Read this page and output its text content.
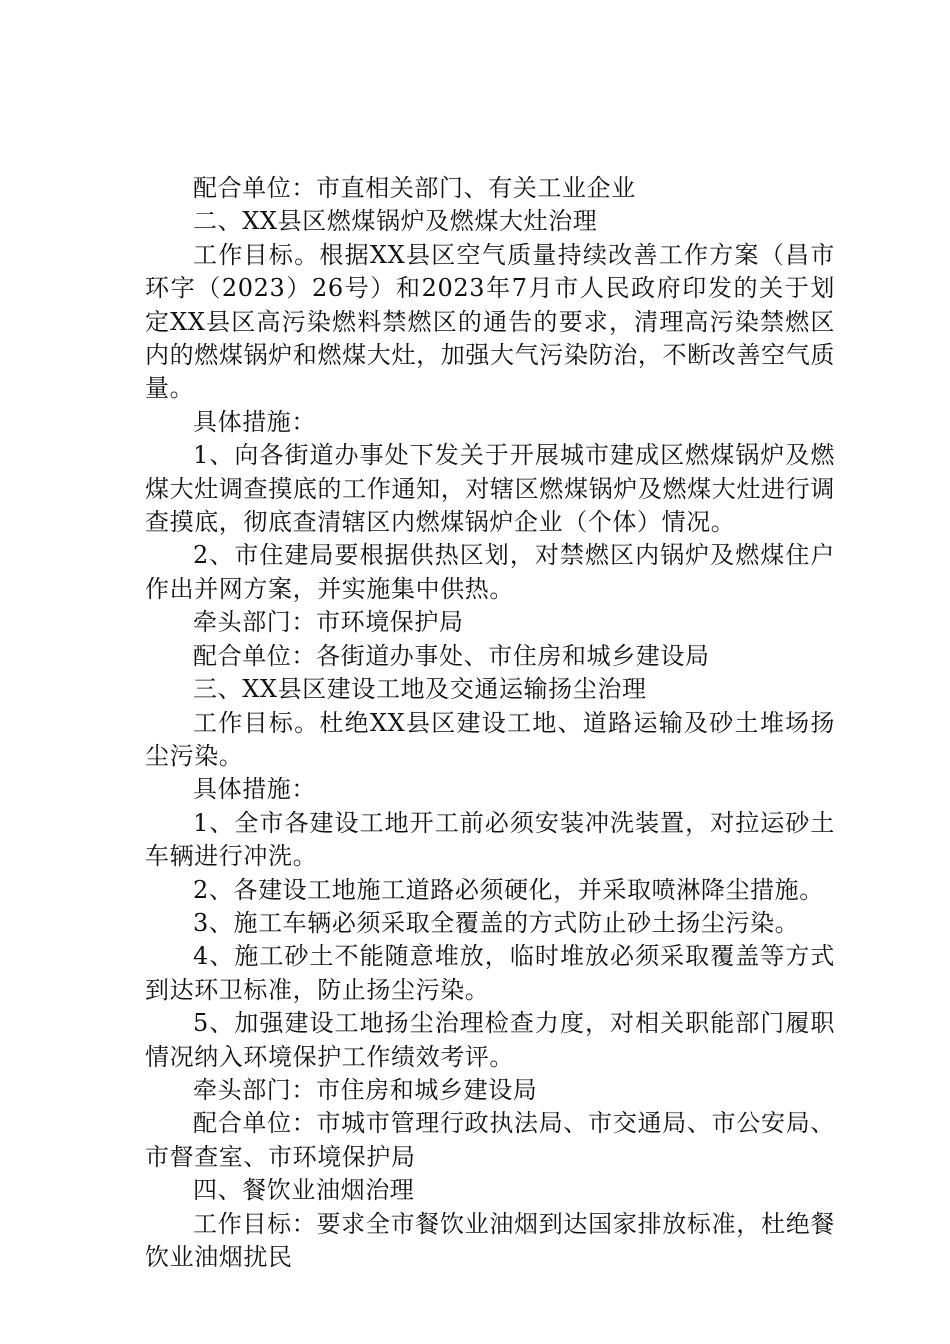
配合单位：市直相关部门、有关工业企业

二、XX县区燃煤锅炉及燃煤大灶治理

工作目标。根据XX县区空气质量持续改善工作方案（昌市环字（2023）26号）和2023年7月市人民政府印发的关于划定XX县区高污染燃料禁燃区的通告的要求，清理高污染禁燃区内的燃煤锅炉和燃煤大灶，加强大气污染防治，不断改善空气质量。

具体措施：

1、向各街道办事处下发关于开展城市建成区燃煤锅炉及燃煤大灶调查摸底的工作通知，对辖区燃煤锅炉及燃煤大灶进行调查摸底，彻底查清辖区内燃煤锅炉企业（个体）情况。

2、市住建局要根据供热区划，对禁燃区内锅炉及燃煤住户作出并网方案，并实施集中供热。

牵头部门：市环境保护局

配合单位：各街道办事处、市住房和城乡建设局

三、XX县区建设工地及交通运输扬尘治理

工作目标。杜绝XX县区建设工地、道路运输及砂土堆场扬尘污染。

具体措施：

1、全市各建设工地开工前必须安装冲洗装置，对拉运砂土车辆进行冲洗。

2、各建设工地施工道路必须硬化，并采取喷淋降尘措施。

3、施工车辆必须采取全覆盖的方式防止砂土扬尘污染。

4、施工砂土不能随意堆放，临时堆放必须采取覆盖等方式到达环卫标准，防止扬尘污染。

5、加强建设工地扬尘治理检查力度，对相关职能部门履职情况纳入环境保护工作绩效考评。

牵头部门：市住房和城乡建设局

配合单位：市城市管理行政执法局、市交通局、市公安局、市督查室、市环境保护局

四、餐饮业油烟治理

工作目标：要求全市餐饮业油烟到达国家排放标准，杜绝餐饮业油烟扰民
